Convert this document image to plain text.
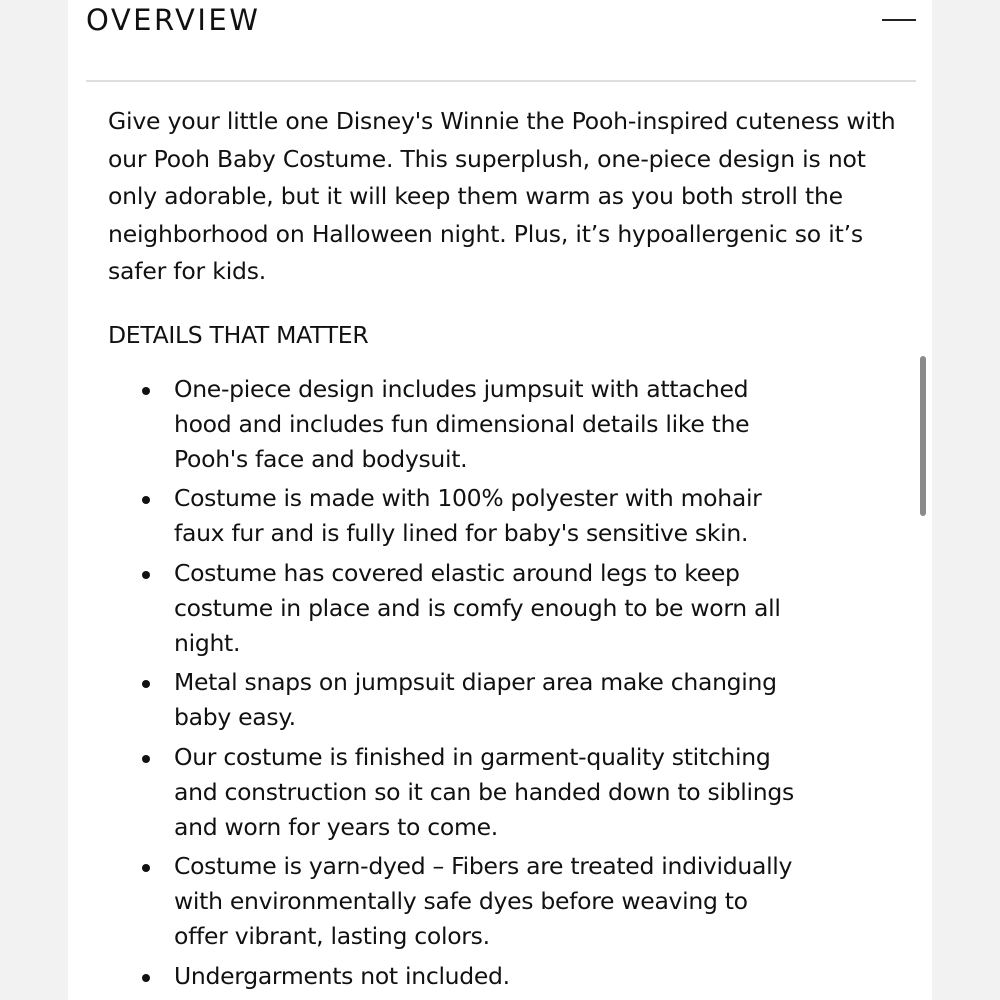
OVERVIEW

Give your little one Disney's Winnie the Pooh-inspired cuteness with our Pooh Baby Costume. This superplush, one-piece design is not only adorable, but it will keep them warm as you both stroll the neighborhood on Halloween night. Plus, it’s hypoallergenic so it’s safer for kids.

DETAILS THAT MATTER
One-piece design includes jumpsuit with attached hood and includes fun dimensional details like the Pooh's face and bodysuit.
Costume is made with 100% polyester with mohair faux fur and is fully lined for baby's sensitive skin.
Costume has covered elastic around legs to keep costume in place and is comfy enough to be worn all night.
Metal snaps on jumpsuit diaper area make changing baby easy.
Our costume is finished in garment-quality stitching and construction so it can be handed down to siblings and worn for years to come.
Costume is yarn-dyed – Fibers are treated individually with environmentally safe dyes before weaving to offer vibrant, lasting colors.
Undergarments not included.
